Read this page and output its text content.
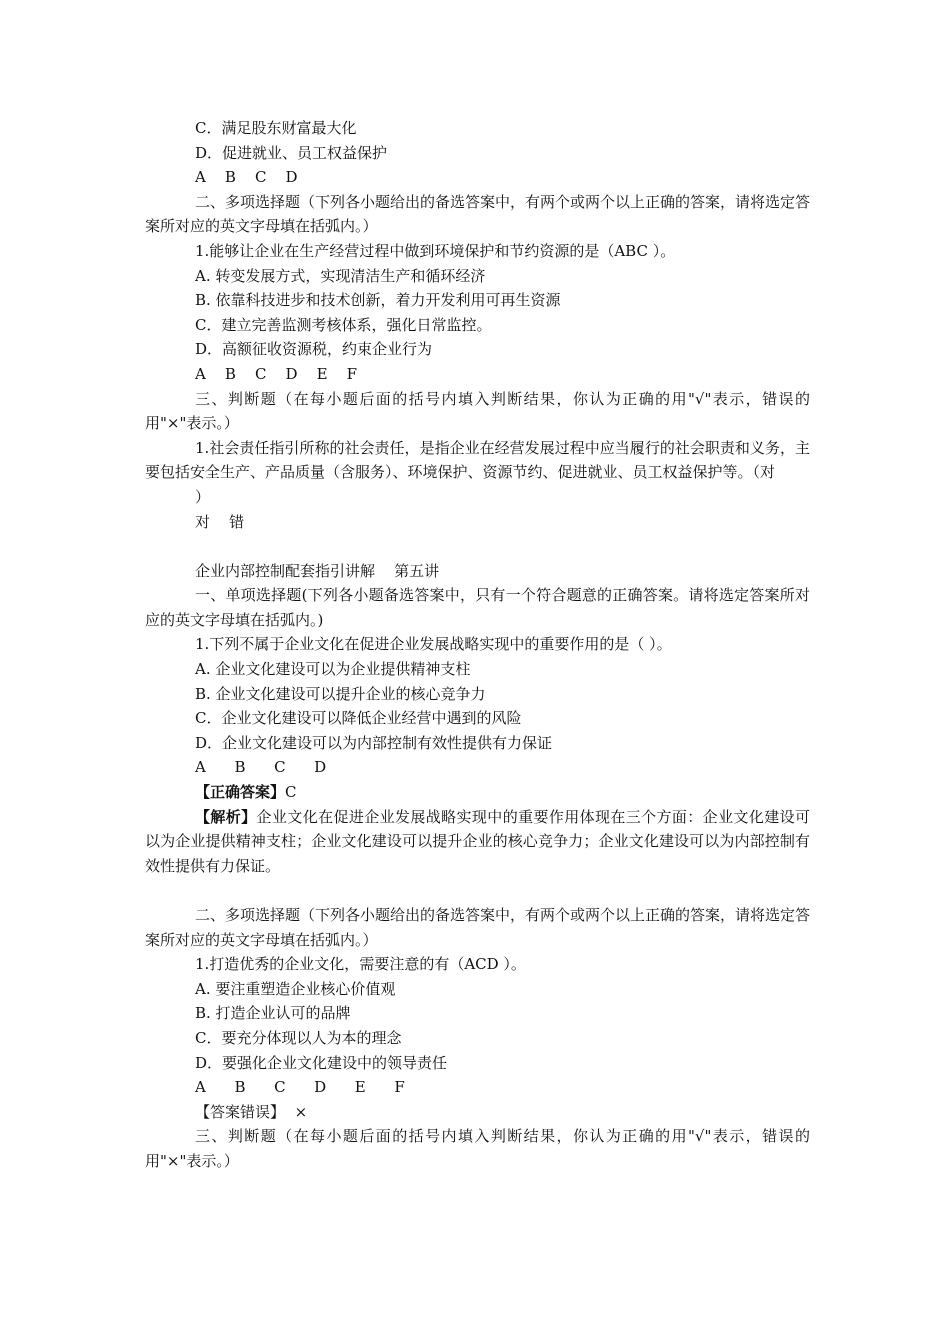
C．满足股东财富最大化

D．促进就业、员工权益保护

A    B    C    D

二、多项选择题（下列各小题给出的备选答案中，有两个或两个以上正确的答案，请将选定答案所对应的英文字母填在括弧内。）

1.能够让企业在生产经营过程中做到环境保护和节约资源的是（ABC ）。

A. 转变发展方式，实现清洁生产和循环经济

B. 依靠科技进步和技术创新，着力开发利用可再生资源

C．建立完善监测考核体系，强化日常监控。

D．高额征收资源税，约束企业行为

A    B    C    D    E    F

三、判断题（在每小题后面的括号内填入判断结果，你认为正确的用"√"表示，错误的用"×"表示。）

1.社会责任指引所称的社会责任，是指企业在经营发展过程中应当履行的社会职责和义务，主要包括安全生产、产品质量（含服务）、环境保护、资源节约、促进就业、员工权益保护等。（对

）

对    错

企业内部控制配套指引讲解    第五讲

一、单项选择题(下列各小题备选答案中，只有一个符合题意的正确答案。请将选定答案所对应的英文字母填在括弧内。)

1.下列不属于企业文化在促进企业发展战略实现中的重要作用的是（ ）。

A. 企业文化建设可以为企业提供精神支柱

B. 企业文化建设可以提升企业的核心竞争力

C．企业文化建设可以降低企业经营中遇到的风险

D．企业文化建设可以为内部控制有效性提供有力保证

A      B      C      D

【正确答案】C

【解析】企业文化在促进企业发展战略实现中的重要作用体现在三个方面：企业文化建设可以为企业提供精神支柱；企业文化建设可以提升企业的核心竞争力；企业文化建设可以为内部控制有效性提供有力保证。

二、多项选择题（下列各小题给出的备选答案中，有两个或两个以上正确的答案，请将选定答案所对应的英文字母填在括弧内。）

1.打造优秀的企业文化，需要注意的有（ACD ）。

A. 要注重塑造企业核心价值观

B. 打造企业认可的品牌

C．要充分体现以人为本的理念

D．要强化企业文化建设中的领导责任

A      B      C      D      E      F

【答案错误】 ×

三、判断题（在每小题后面的括号内填入判断结果，你认为正确的用"√"表示，错误的用"×"表示。）
